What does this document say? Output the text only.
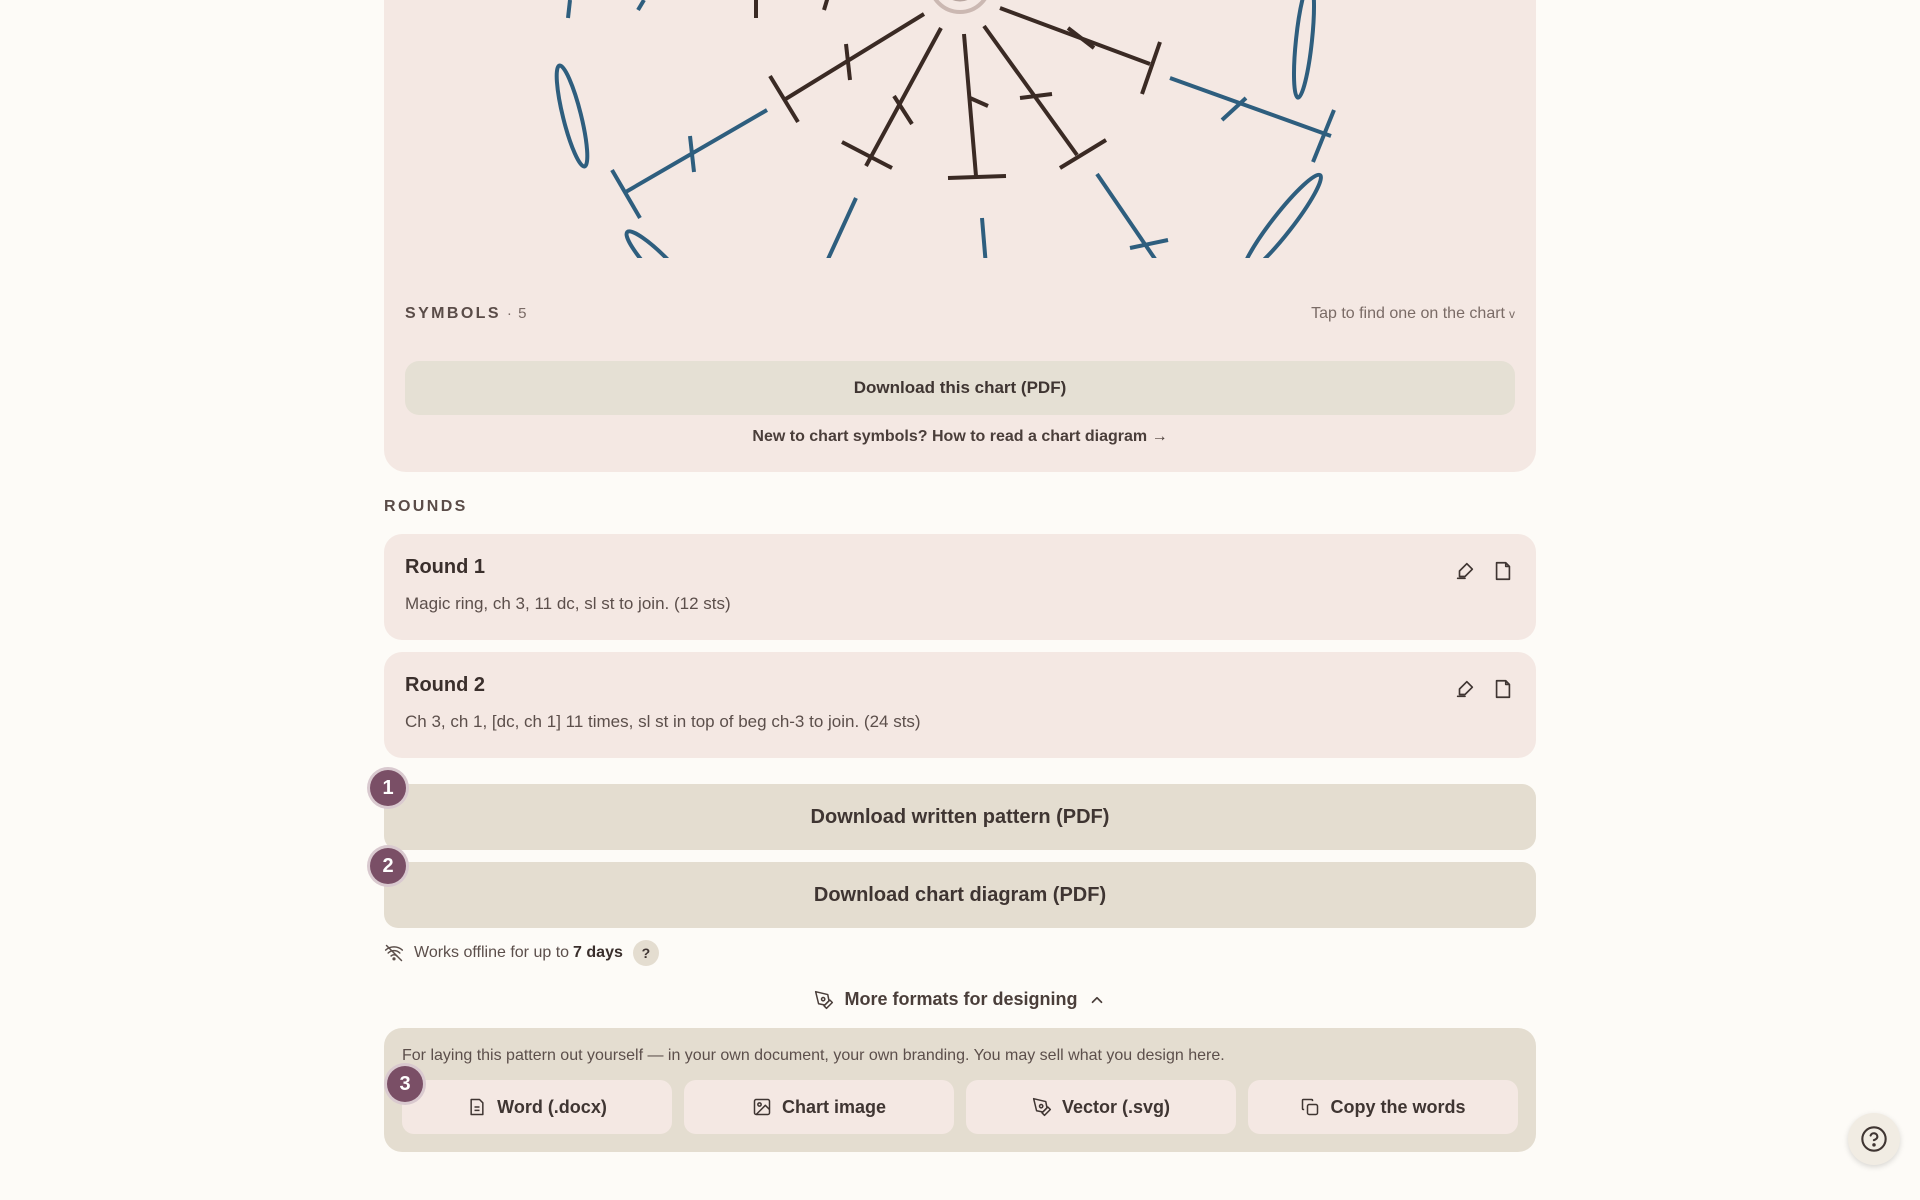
SYMBOLS · 5	Tap to find one on the chart v
Download this chart (PDF)
New to chart symbols? How to read a chart diagram →
ROUNDS
Round 1
Magic ring, ch 3, 11 dc, sl st to join. (12 sts)
Round 2
Ch 3, ch 1, [dc, ch 1] 11 times, sl st in top of beg ch-3 to join. (24 sts)
Download written pattern (PDF)
Download chart diagram (PDF)
Works offline for up to 7 days	?
More formats for designing
For laying this pattern out yourself — in your own document, your own branding. You may sell what you design here.
Word (.docx)	Chart image	Vector (.svg)	Copy the words
1
2
3
